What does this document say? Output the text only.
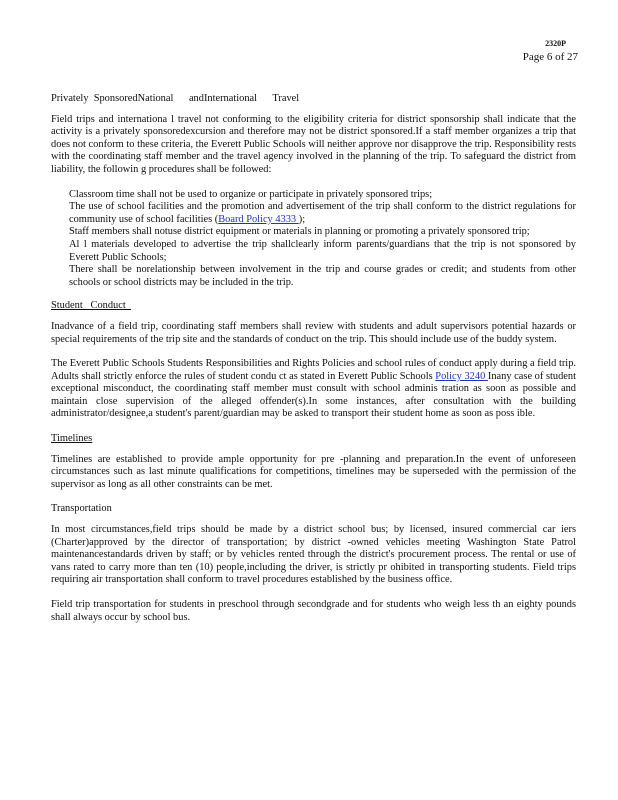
2320P
Page 6 of 27

Privately  SponsoredNational      andInternational      Travel

Field trips and internationa l travel not conforming to the eligibility criteria for district sponsorship shall indicate that the activity is a privately sponsoredexcursion and therefore may not be district sponsored.If a staff member organizes a trip that does not conform to these criteria, the Everett Public Schools will neither approve nor disapprove the trip. Responsibility rests with the coordinating staff member and the travel agency involved in the planning of the trip. To safeguard the district from liability, the followin g procedures shall be followed:

Classroom time shall not be used to organize or participate in privately sponsored trips;
The use of school facilities and the promotion and advertisement of the trip shall conform to the district regulations for community use of school facilities (Board Policy 4333 );
Staff members shall notuse district equipment or materials in planning or promoting a privately sponsored trip;
Al l materials developed to advertise the trip shallclearly inform parents/guardians that the trip is not sponsored by Everett Public Schools;
There shall be norelationship between involvement in the trip and course grades or credit; and students from other schools or school districts may be included in the trip.

Student   Conduct

Inadvance of a field trip, coordinating staff members shall review with students and adult supervisors potential hazards or special requirements of the trip site and the standards of conduct on the trip. This should include use of the buddy system.

The Everett Public Schools Students Responsibilities and Rights Policies and school rules of conduct apply during a field trip. Adults shall strictly enforce the rules of student condu ct as stated in Everett Public Schools Policy 3240 Inany case of student exceptional misconduct, the coordinating staff member must consult with school adminis tration as soon as possible and maintain close supervision of the alleged offender(s).In some instances, after consultation with the building administrator/designee,a student's parent/guardian may be asked to transport their student home as soon as poss ible.

Timelines

Timelines are established to provide ample opportunity for pre -planning and preparation.In the event of unforeseen circumstances such as last minute qualifications for competitions, timelines may be superseded with the permission of the supervisor as long as all other constraints can be met.

Transportation

In most circumstances,field trips should be made by a district school bus; by licensed, insured commercial car iers (Charter)approved by the director of transportation; by district -owned vehicles meeting Washington State Patrol maintenancestandards driven by staff; or by vehicles rented through the district's procurement process. The rental or use of vans rated to carry more than ten (10) people,including the driver, is strictly pr ohibited in transporting students. Field trips requiring air transportation shall conform to travel procedures established by the business office.

Field trip transportation for students in preschool through secondgrade and for students who weigh less th an eighty pounds shall always occur by school bus.
